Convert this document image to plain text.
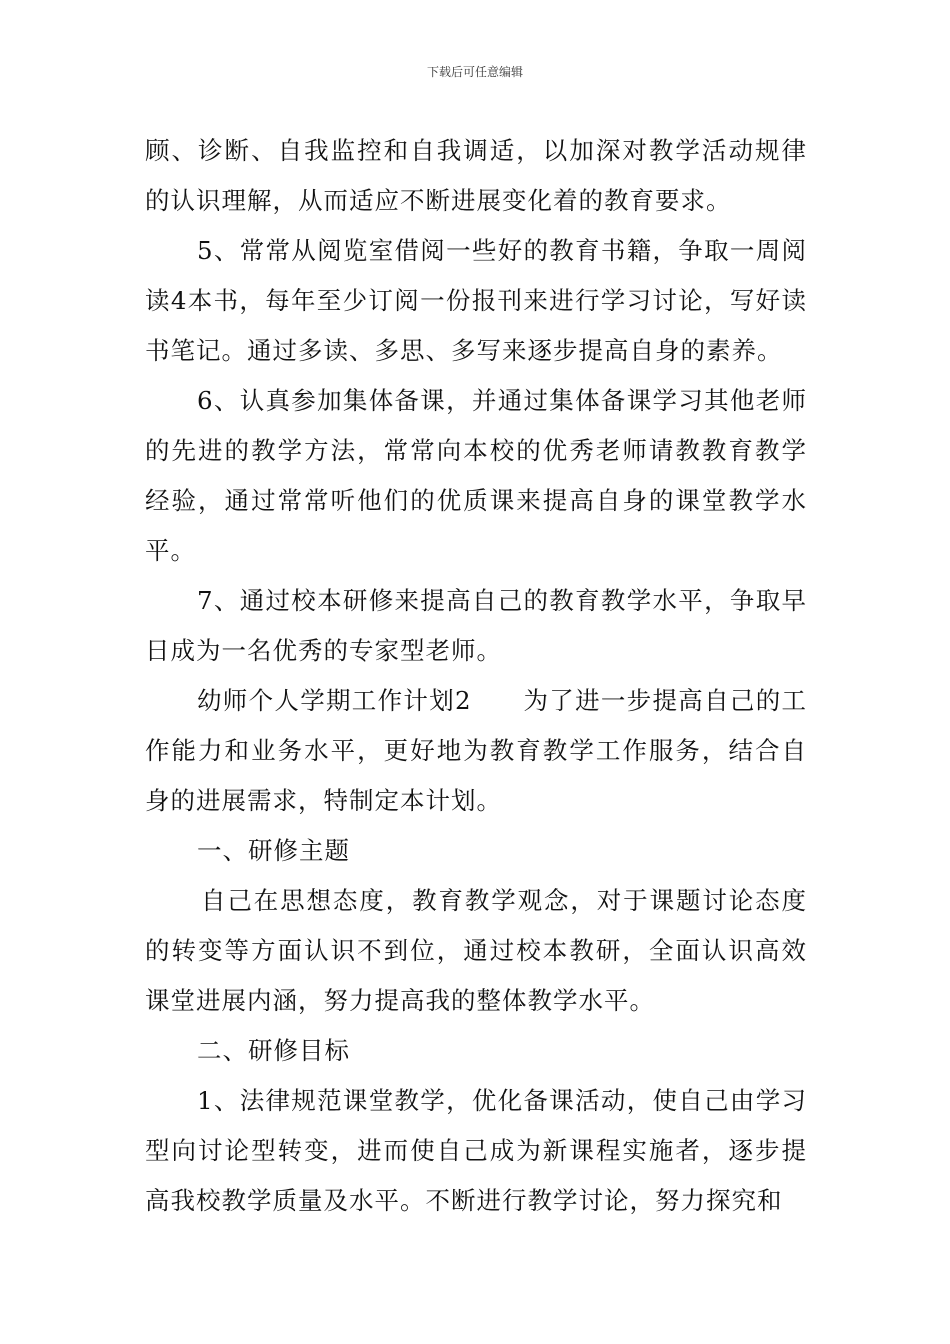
下载后可任意编辑

顾、诊断、自我监控和自我调适，以加深对教学活动规律的认识理解，从而适应不断进展变化着的教育要求。

5、常常从阅览室借阅一些好的教育书籍，争取一周阅读4本书，每年至少订阅一份报刊来进行学习讨论，写好读书笔记。通过多读、多思、多写来逐步提高自身的素养。

6、认真参加集体备课，并通过集体备课学习其他老师的先进的教学方法，常常向本校的优秀老师请教教育教学经验，通过常常听他们的优质课来提高自身的课堂教学水平。

7、通过校本研修来提高自己的教育教学水平，争取早日成为一名优秀的专家型老师。

幼师个人学期工作计划2　　为了进一步提高自己的工作能力和业务水平，更好地为教育教学工作服务，结合自身的进展需求，特制定本计划。

一、研修主题

自己在思想态度，教育教学观念，对于课题讨论态度的转变等方面认识不到位，通过校本教研，全面认识高效课堂进展内涵，努力提高我的整体教学水平。

二、研修目标

1、法律规范课堂教学，优化备课活动，使自己由学习型向讨论型转变，进而使自己成为新课程实施者，逐步提高我校教学质量及水平。不断进行教学讨论，努力探究和
